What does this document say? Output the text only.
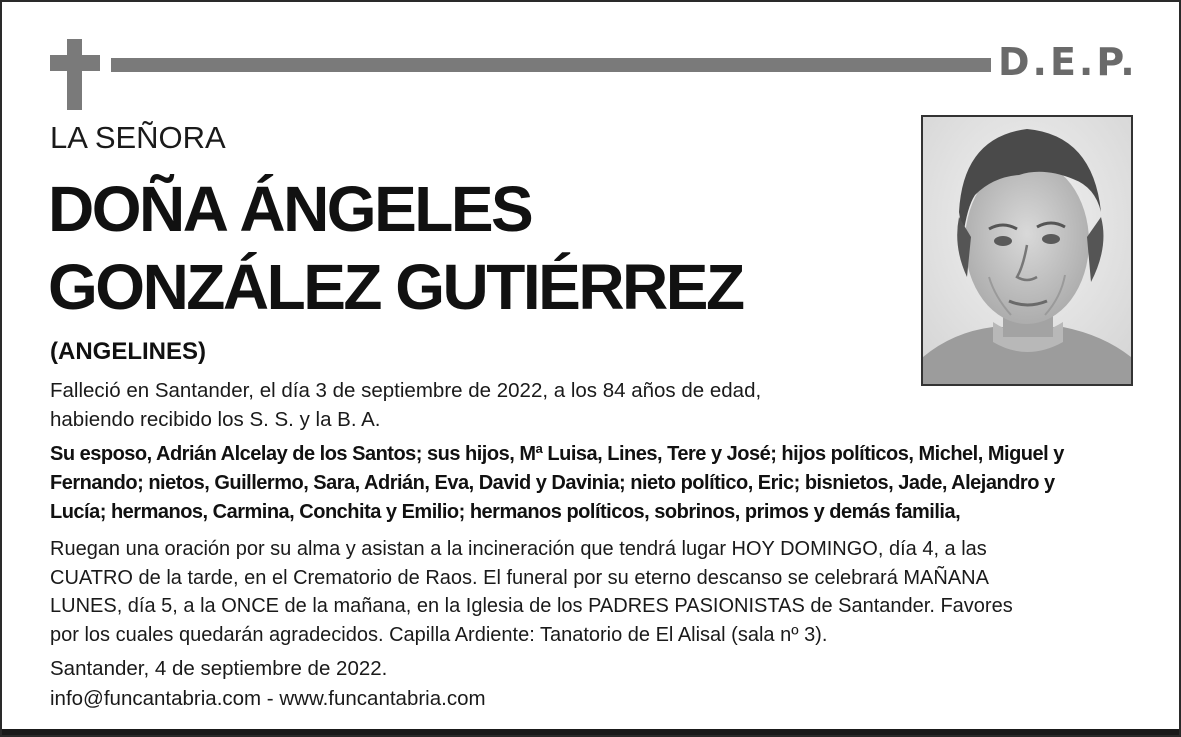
D.E.P.
LA SEÑORA
DOÑA ÁNGELES
GONZÁLEZ GUTIÉRREZ
(ANGELINES)
Falleció en Santander, el día 3 de septiembre de 2022, a los 84 años de edad,
habiendo recibido los S. S. y la B. A.
Su esposo, Adrián Alcelay de los Santos; sus hijos, Mª Luisa, Lines, Tere y José; hijos políticos, Michel, Miguel y
Fernando; nietos, Guillermo, Sara, Adrián, Eva, David y Davinia; nieto político, Eric; bisnietos, Jade, Alejandro y
Lucía; hermanos, Carmina, Conchita y Emilio; hermanos políticos, sobrinos, primos y demás familia,
Ruegan una oración por su alma y asistan a la incineración que tendrá lugar HOY DOMINGO, día 4, a las
CUATRO de la tarde, en el Crematorio de Raos. El funeral por su eterno descanso se celebrará MAÑANA
LUNES, día 5, a la ONCE de la mañana, en la Iglesia de los PADRES PASIONISTAS de Santander. Favores
por los cuales quedarán agradecidos. Capilla Ardiente: Tanatorio de El Alisal (sala nº 3).
Santander, 4 de septiembre de 2022.
info@funcantabria.com - www.funcantabria.com
